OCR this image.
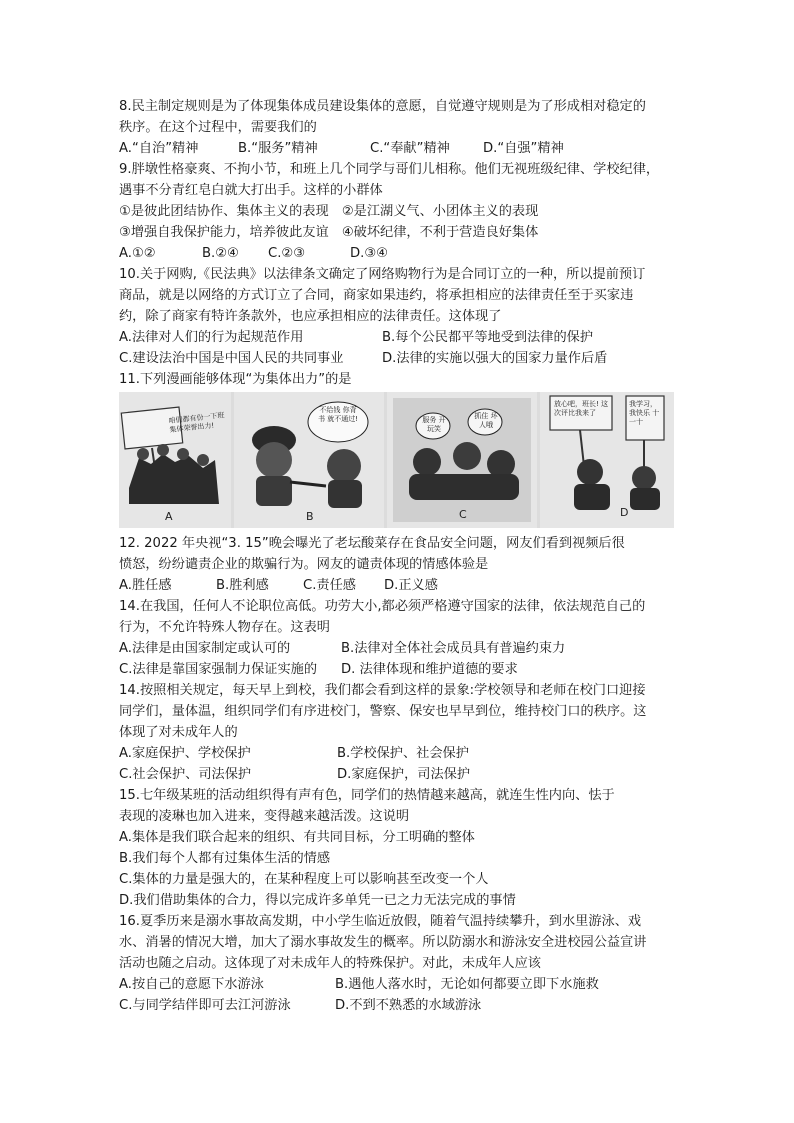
8.民主制定规则是为了体现集体成员建设集体的意愿，自觉遵守规则是为了形成相对稳定的
秩序。在这个过程中，需要我们的
A.“自治”精神	B.“服务”精神	C.“奉献”精神	D.“自强”精神
9.胖墩性格豪爽、不拘小节，和班上几个同学与哥们儿相称。他们无视班级纪律、学校纪律，
遇事不分青红皂白就大打出手。这样的小群体
①是彼此团结协作、集体主义的表现　②是江湖义气、小团体主义的表现
③增强自我保护能力，培养彼此友谊　④破坏纪律，不利于营造良好集体
A.①②	B.②④	C.②③	D.③④
10.关于网购,《民法典》以法律条文确定了网络购物行为是合同订立的一种，所以提前预订
商品，就是以网络的方式订立了合同，商家如果违约，将承担相应的法律责任至于买家违
约，除了商家有特许条款外，也应承担相应的法律责任。这体现了
A.法律对人们的行为起规范作用	B.每个公民都平等地受到法律的保护
C.建设法治中国是中国人民的共同事业	D.法律的实施以强大的国家力量作后盾
11.下列漫画能够体现“为集体出力”的是
咱们都有份一下班集体荣誉出力!
A
不给钱 你背书 就不通过!
B
服务 开玩笑
抓住 坏人哦
C
放心吧，班长! 这次评比我来了
我学习，我快乐 十一十
D
12. 2022 年央视“3. 15”晚会曝光了老坛酸菜存在食品安全问题，网友们看到视频后很
愤怒，纷纷谴责企业的欺骗行为。网友的谴责体现的情感体验是
A.胜任感	B.胜利感	C.责任感	D.正义感
14.在我国，任何人不论职位高低。功劳大小,都必须严格遵守国家的法律，依法规范自己的
行为，不允许特殊人物存在。这表明
A.法律是由国家制定或认可的	B.法律对全体社会成员具有普遍约束力
C.法律是靠国家强制力保证实施的	D. 法律体现和维护道德的要求
14.按照相关规定，每天早上到校，我们都会看到这样的景象:学校领导和老师在校门口迎接
同学们，量体温，组织同学们有序进校门，警察、保安也早早到位，维持校门口的秩序。这
体现了对未成年人的
A.家庭保护、学校保护	B.学校保护、社会保护
C.社会保护、司法保护	D.家庭保护，司法保护
15.七年级某班的活动组织得有声有色，同学们的热情越来越高，就连生性内向、怯于
表现的凌琳也加入进来，变得越来越活泼。这说明
A.集体是我们联合起来的组织、有共同目标，分工明确的整体
B.我们每个人都有过集体生活的情感
C.集体的力量是强大的，在某种程度上可以影响甚至改变一个人
D.我们借助集体的合力，得以完成许多单凭一已之力无法完成的事情
16.夏季历来是溺水事故高发期，中小学生临近放假，随着气温持续攀升，到水里游泳、戏
水、消暑的情况大增，加大了溺水事故发生的概率。所以防溺水和游泳安全进校园公益宣讲
活动也随之启动。这体现了对未成年人的特殊保护。对此，未成年人应该
A.按自己的意愿下水游泳	B.遇他人落水时，无论如何都要立即下水施救
C.与同学结伴即可去江河游泳	D.不到不熟悉的水域游泳
